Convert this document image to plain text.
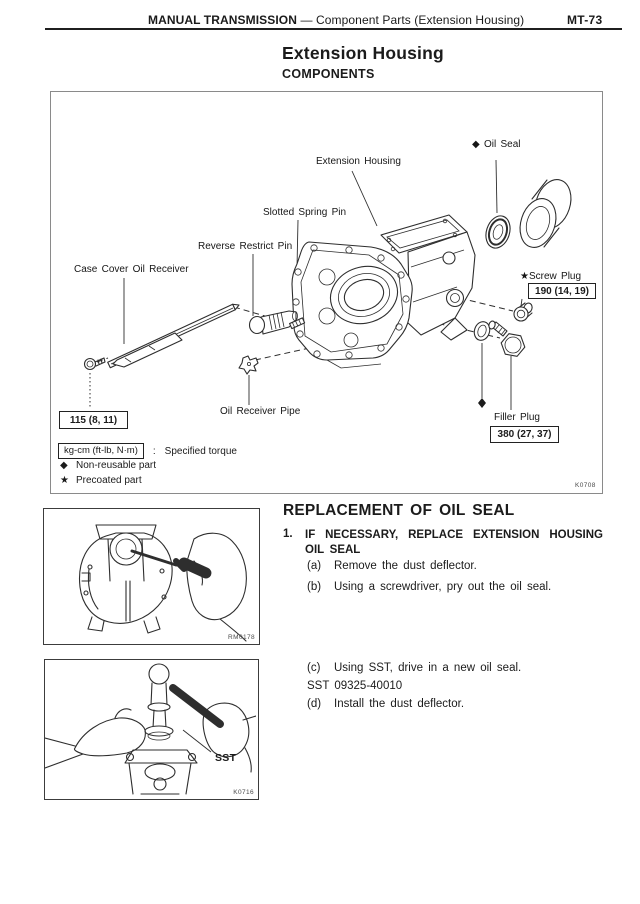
MANUAL TRANSMISSION — Component Parts (Extension Housing)	MT-73
Extension Housing
COMPONENTS
Extension Housing
◆ Oil Seal
Slotted Spring Pin
Reverse Restrict Pin
Case Cover Oil Receiver
★Screw Plug
Oil Receiver Pipe
Filler Plug
190 (14, 19)
115 (8, 11)
380 (27, 37)
kg-cm (ft-lb, N·m)	: Specified torque
◆ Non-reusable part
★ Precoated part	K0708
RM0178
SST
K0716
REPLACEMENT OF OIL SEAL
1. IF NECESSARY, REPLACE EXTENSION HOUSING OIL SEAL
(a) Remove the dust deflector.
(b) Using a screwdriver, pry out the oil seal.
(c) Using SST, drive in a new oil seal.
SST 09325-40010
(d) Install the dust deflector.
